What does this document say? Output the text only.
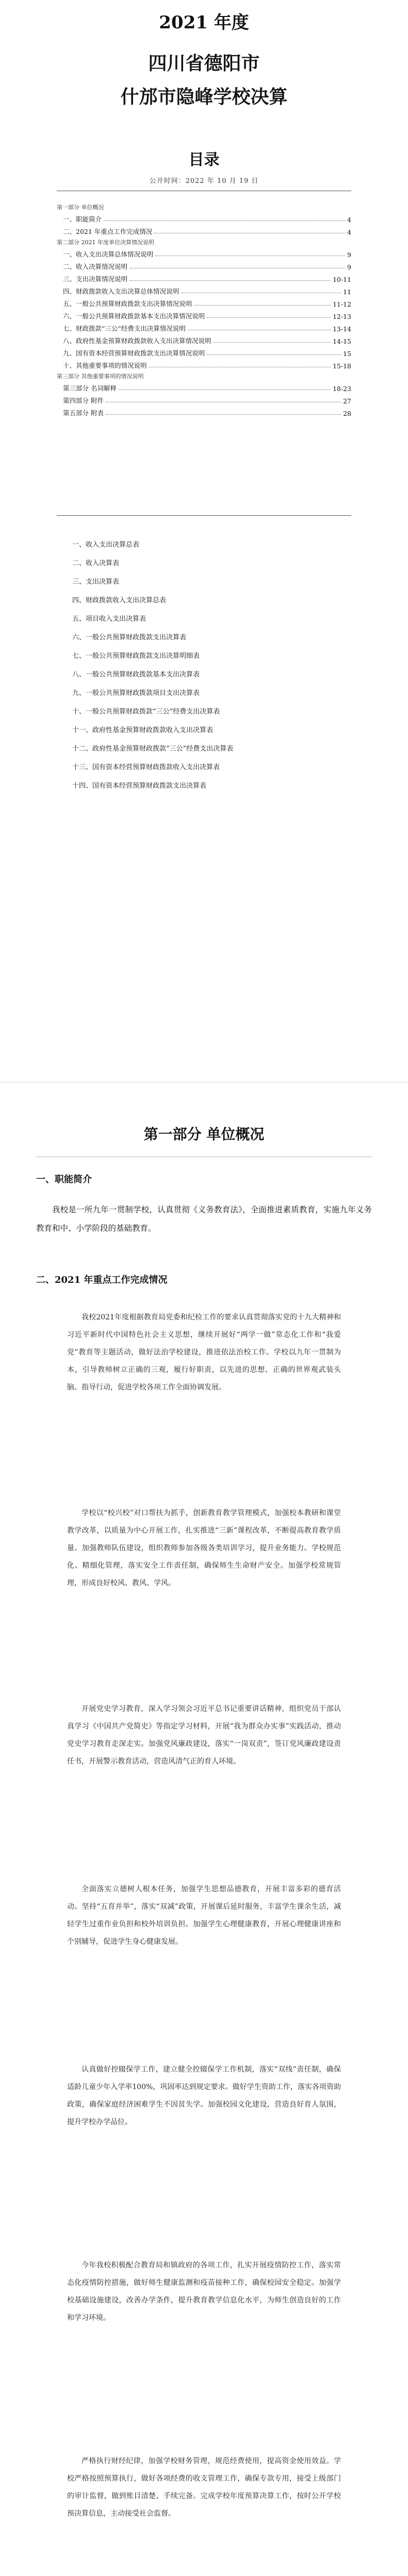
2021 年度
四川省德阳市
什邡市隐峰学校决算
目录
公开时间：2022 年 10 月 19 日
第一部分 单位概况
一、职能简介	4
二、2021 年重点工作完成情况	4
第二部分 2021 年度单位决算情况说明
一、收入支出决算总体情况说明	9
二、收入决算情况说明	9
三、支出决算情况说明	10-11
四、财政拨款收入支出决算总体情况说明	11
五、一般公共预算财政拨款支出决算情况说明	11-12
六、一般公共预算财政拨款基本支出决算情况说明	12-13
七、财政拨款“三公”经费支出决算情况说明	13-14
八、政府性基金预算财政拨款收入支出决算情况说明	14-15
九、国有资本经营预算财政拨款支出决算情况说明	15
十、其他重要事项的情况说明	15-18
第三部分 其他重要事项的情况说明
第三部分 名词解释	18-23
第四部分 附件	27
第五部分 附表	28
一、收入支出决算总表
二、收入决算表
三、支出决算表
四、财政拨款收入支出决算总表
五、项目收入支出决算表
六、一般公共预算财政拨款支出决算表
七、一般公共预算财政拨款支出决算明细表
八、一般公共预算财政拨款基本支出决算表
九、一般公共预算财政拨款项目支出决算表
十、一般公共预算财政拨款“三公”经费支出决算表
十一、政府性基金预算财政拨款收入支出决算表
十二、政府性基金预算财政拨款“三公”经费支出决算表
十三、国有资本经营预算财政拨款收入支出决算表
十四、国有资本经营预算财政拨款支出决算表
第一部分 单位概况
一、职能简介
我校是一所九年一贯制学校，认真贯彻《义务教育法》，全面推进素质教育，实施九年义务教育和中、小学阶段的基础教育。
二、2021 年重点工作完成情况
我校2021年度根据教育局党委和纪检工作的要求认真贯彻落实党的十九大精神和习近平新时代中国特色社会主义思想，继续开展好“两学一做”常态化工作和“我爱党”教育等主题活动，做好法治学校建设，推进依法治校工作。学校以九年一贯制为本，引导教师树立正确的三观，履行好职责，以先进的思想、正确的世界观武装头脑、指导行动，促进学校各项工作全面协调发展。
学校以“校兴校”对口帮扶为抓手，创新教育教学管理模式，加强校本教研和课堂教学改革，以质量为中心开展工作，扎实推进“三新”课程改革，不断提高教育教学质量。加强教师队伍建设，组织教师参加各级各类培训学习，提升业务能力。学校规范化、精细化管理，落实安全工作责任制，确保师生生命财产安全。加强学校常规管理，形成良好校风、教风、学风。
开展党史学习教育，深入学习领会习近平总书记重要讲话精神，组织党员干部认真学习《中国共产党简史》等指定学习材料，开展“我为群众办实事”实践活动，推动党史学习教育走深走实。加强党风廉政建设，落实“一岗双责”，签订党风廉政建设责任书，开展警示教育活动，营造风清气正的育人环境。
全面落实立德树人根本任务，加强学生思想品德教育，开展丰富多彩的德育活动。坚持“五育并举”，落实“双减”政策，开展课后延时服务，丰富学生课余生活，减轻学生过重作业负担和校外培训负担。加强学生心理健康教育，开展心理健康讲座和个别辅导，促进学生身心健康发展。
认真做好控辍保学工作，建立健全控辍保学工作机制，落实“双线”责任制，确保适龄儿童少年入学率100%，巩固率达到规定要求。做好学生资助工作，落实各项资助政策，确保家庭经济困难学生不因贫失学。加强校园文化建设，营造良好育人氛围，提升学校办学品位。
今年我校积极配合教育局和镇政府的各项工作，扎实开展疫情防控工作，落实常态化疫情防控措施，做好师生健康监测和疫苗接种工作，确保校园安全稳定。加强学校基础设施建设，改善办学条件，提升教育教学信息化水平，为师生创造良好的工作和学习环境。
严格执行财经纪律，加强学校财务管理，规范经费使用，提高资金使用效益。学校严格按照预算执行，做好各项经费的收支管理工作，确保专款专用，接受上级部门的审计监督，做到账目清楚、手续完备。完成学校年度预算决算工作，按时公开学校预决算信息，主动接受社会监督。
